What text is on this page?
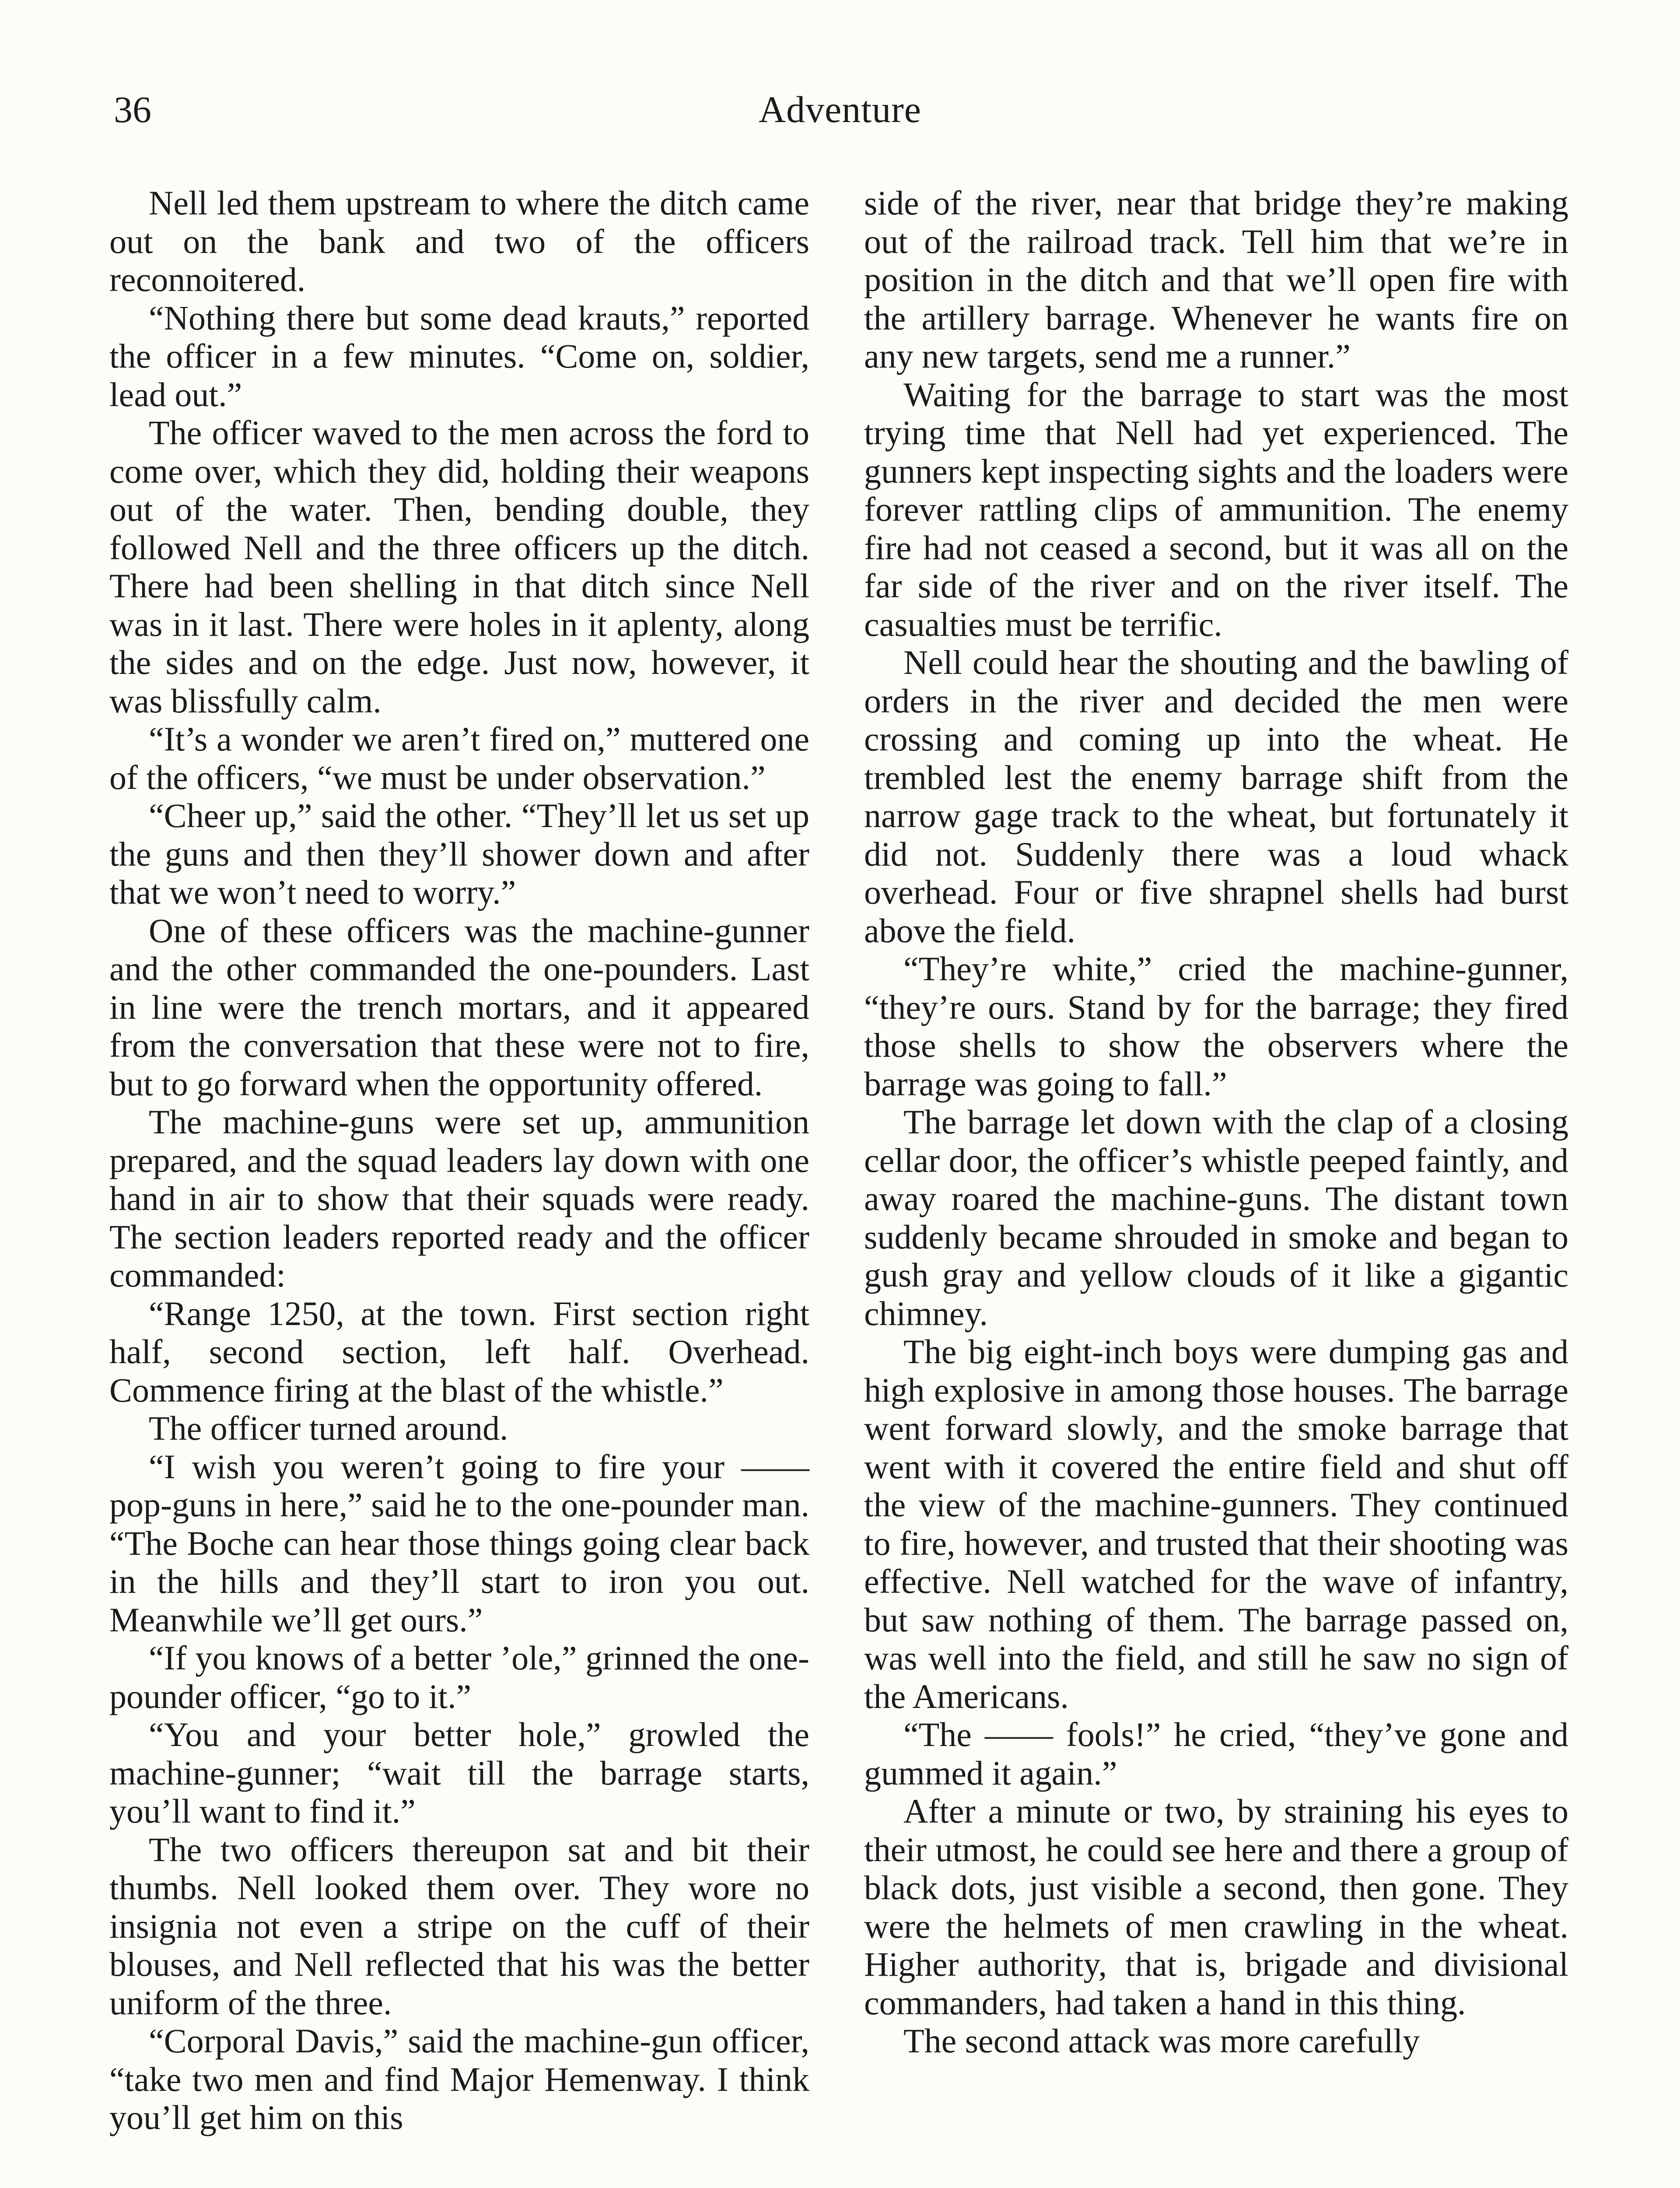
36	Adventure

Nell led them upstream to where the ditch came out on the bank and two of the officers reconnoitered.

“Nothing there but some dead krauts,” reported the officer in a few minutes. “Come on, soldier, lead out.”

The officer waved to the men across the ford to come over, which they did, holding their weapons out of the water. Then, bending double, they followed Nell and the three officers up the ditch. There had been shelling in that ditch since Nell was in it last. There were holes in it aplenty, along the sides and on the edge. Just now, however, it was blissfully calm.

“It’s a wonder we aren’t fired on,” muttered one of the officers, “we must be under observation.”

“Cheer up,” said the other. “They’ll let us set up the guns and then they’ll shower down and after that we won’t need to worry.”

One of these officers was the machine-gunner and the other commanded the one-pounders. Last in line were the trench mortars, and it appeared from the conversation that these were not to fire, but to go forward when the opportunity offered.

The machine-guns were set up, ammunition prepared, and the squad leaders lay down with one hand in air to show that their squads were ready. The section leaders reported ready and the officer commanded:

“Range 1250, at the town. First section right half, second section, left half. Overhead. Commence firing at the blast of the whistle.”

The officer turned around.

“I wish you weren’t going to fire your —— pop-guns in here,” said he to the one-pounder man. “The Boche can hear those things going clear back in the hills and they’ll start to iron you out. Meanwhile we’ll get ours.”

“If you knows of a better ’ole,” grinned the one-pounder officer, “go to it.”

“You and your better hole,” growled the machine-gunner; “wait till the barrage starts, you’ll want to find it.”

The two officers thereupon sat and bit their thumbs. Nell looked them over. They wore no insignia not even a stripe on the cuff of their blouses, and Nell reflected that his was the better uniform of the three.

“Corporal Davis,” said the machine-gun officer, “take two men and find Major Hemenway. I think you’ll get him on this

side of the river, near that bridge they’re making out of the railroad track. Tell him that we’re in position in the ditch and that we’ll open fire with the artillery barrage. Whenever he wants fire on any new targets, send me a runner.”

Waiting for the barrage to start was the most trying time that Nell had yet experienced. The gunners kept inspecting sights and the loaders were forever rattling clips of ammunition. The enemy fire had not ceased a second, but it was all on the far side of the river and on the river itself. The casualties must be terrific.

Nell could hear the shouting and the bawling of orders in the river and decided the men were crossing and coming up into the wheat. He trembled lest the enemy barrage shift from the narrow gage track to the wheat, but fortunately it did not. Suddenly there was a loud whack overhead. Four or five shrapnel shells had burst above the field.

“They’re white,” cried the machine-gunner, “they’re ours. Stand by for the barrage; they fired those shells to show the observers where the barrage was going to fall.”

The barrage let down with the clap of a closing cellar door, the officer’s whistle peeped faintly, and away roared the machine-guns. The distant town suddenly became shrouded in smoke and began to gush gray and yellow clouds of it like a gigantic chimney.

The big eight-inch boys were dumping gas and high explosive in among those houses. The barrage went forward slowly, and the smoke barrage that went with it covered the entire field and shut off the view of the machine-gunners. They continued to fire, however, and trusted that their shooting was effective. Nell watched for the wave of infantry, but saw nothing of them. The barrage passed on, was well into the field, and still he saw no sign of the Americans.

“The —— fools!” he cried, “they’ve gone and gummed it again.”

After a minute or two, by straining his eyes to their utmost, he could see here and there a group of black dots, just visible a second, then gone. They were the helmets of men crawling in the wheat. Higher authority, that is, brigade and divisional commanders, had taken a hand in this thing.

The second attack was more carefully
